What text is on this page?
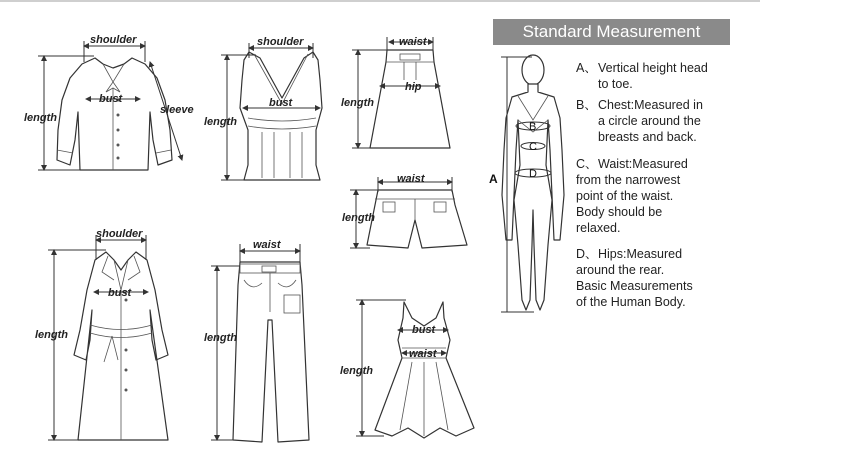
shoulder
bust
length
sleeve
shoulder
bust
length
waist
hip
length
waist
length
shoulder
bust
length
waist
length
bust
waist
length
A
B
C
D
Standard Measurement
A、Vertical height head
to toe.
B、Chest:Measured in
a circle around the
breasts and back.
C、Waist:Measured
from the narrowest
point of the waist.
Body should be
relaxed.
D、Hips:Measured
around the rear.
Basic Measurements
of the Human Body.
